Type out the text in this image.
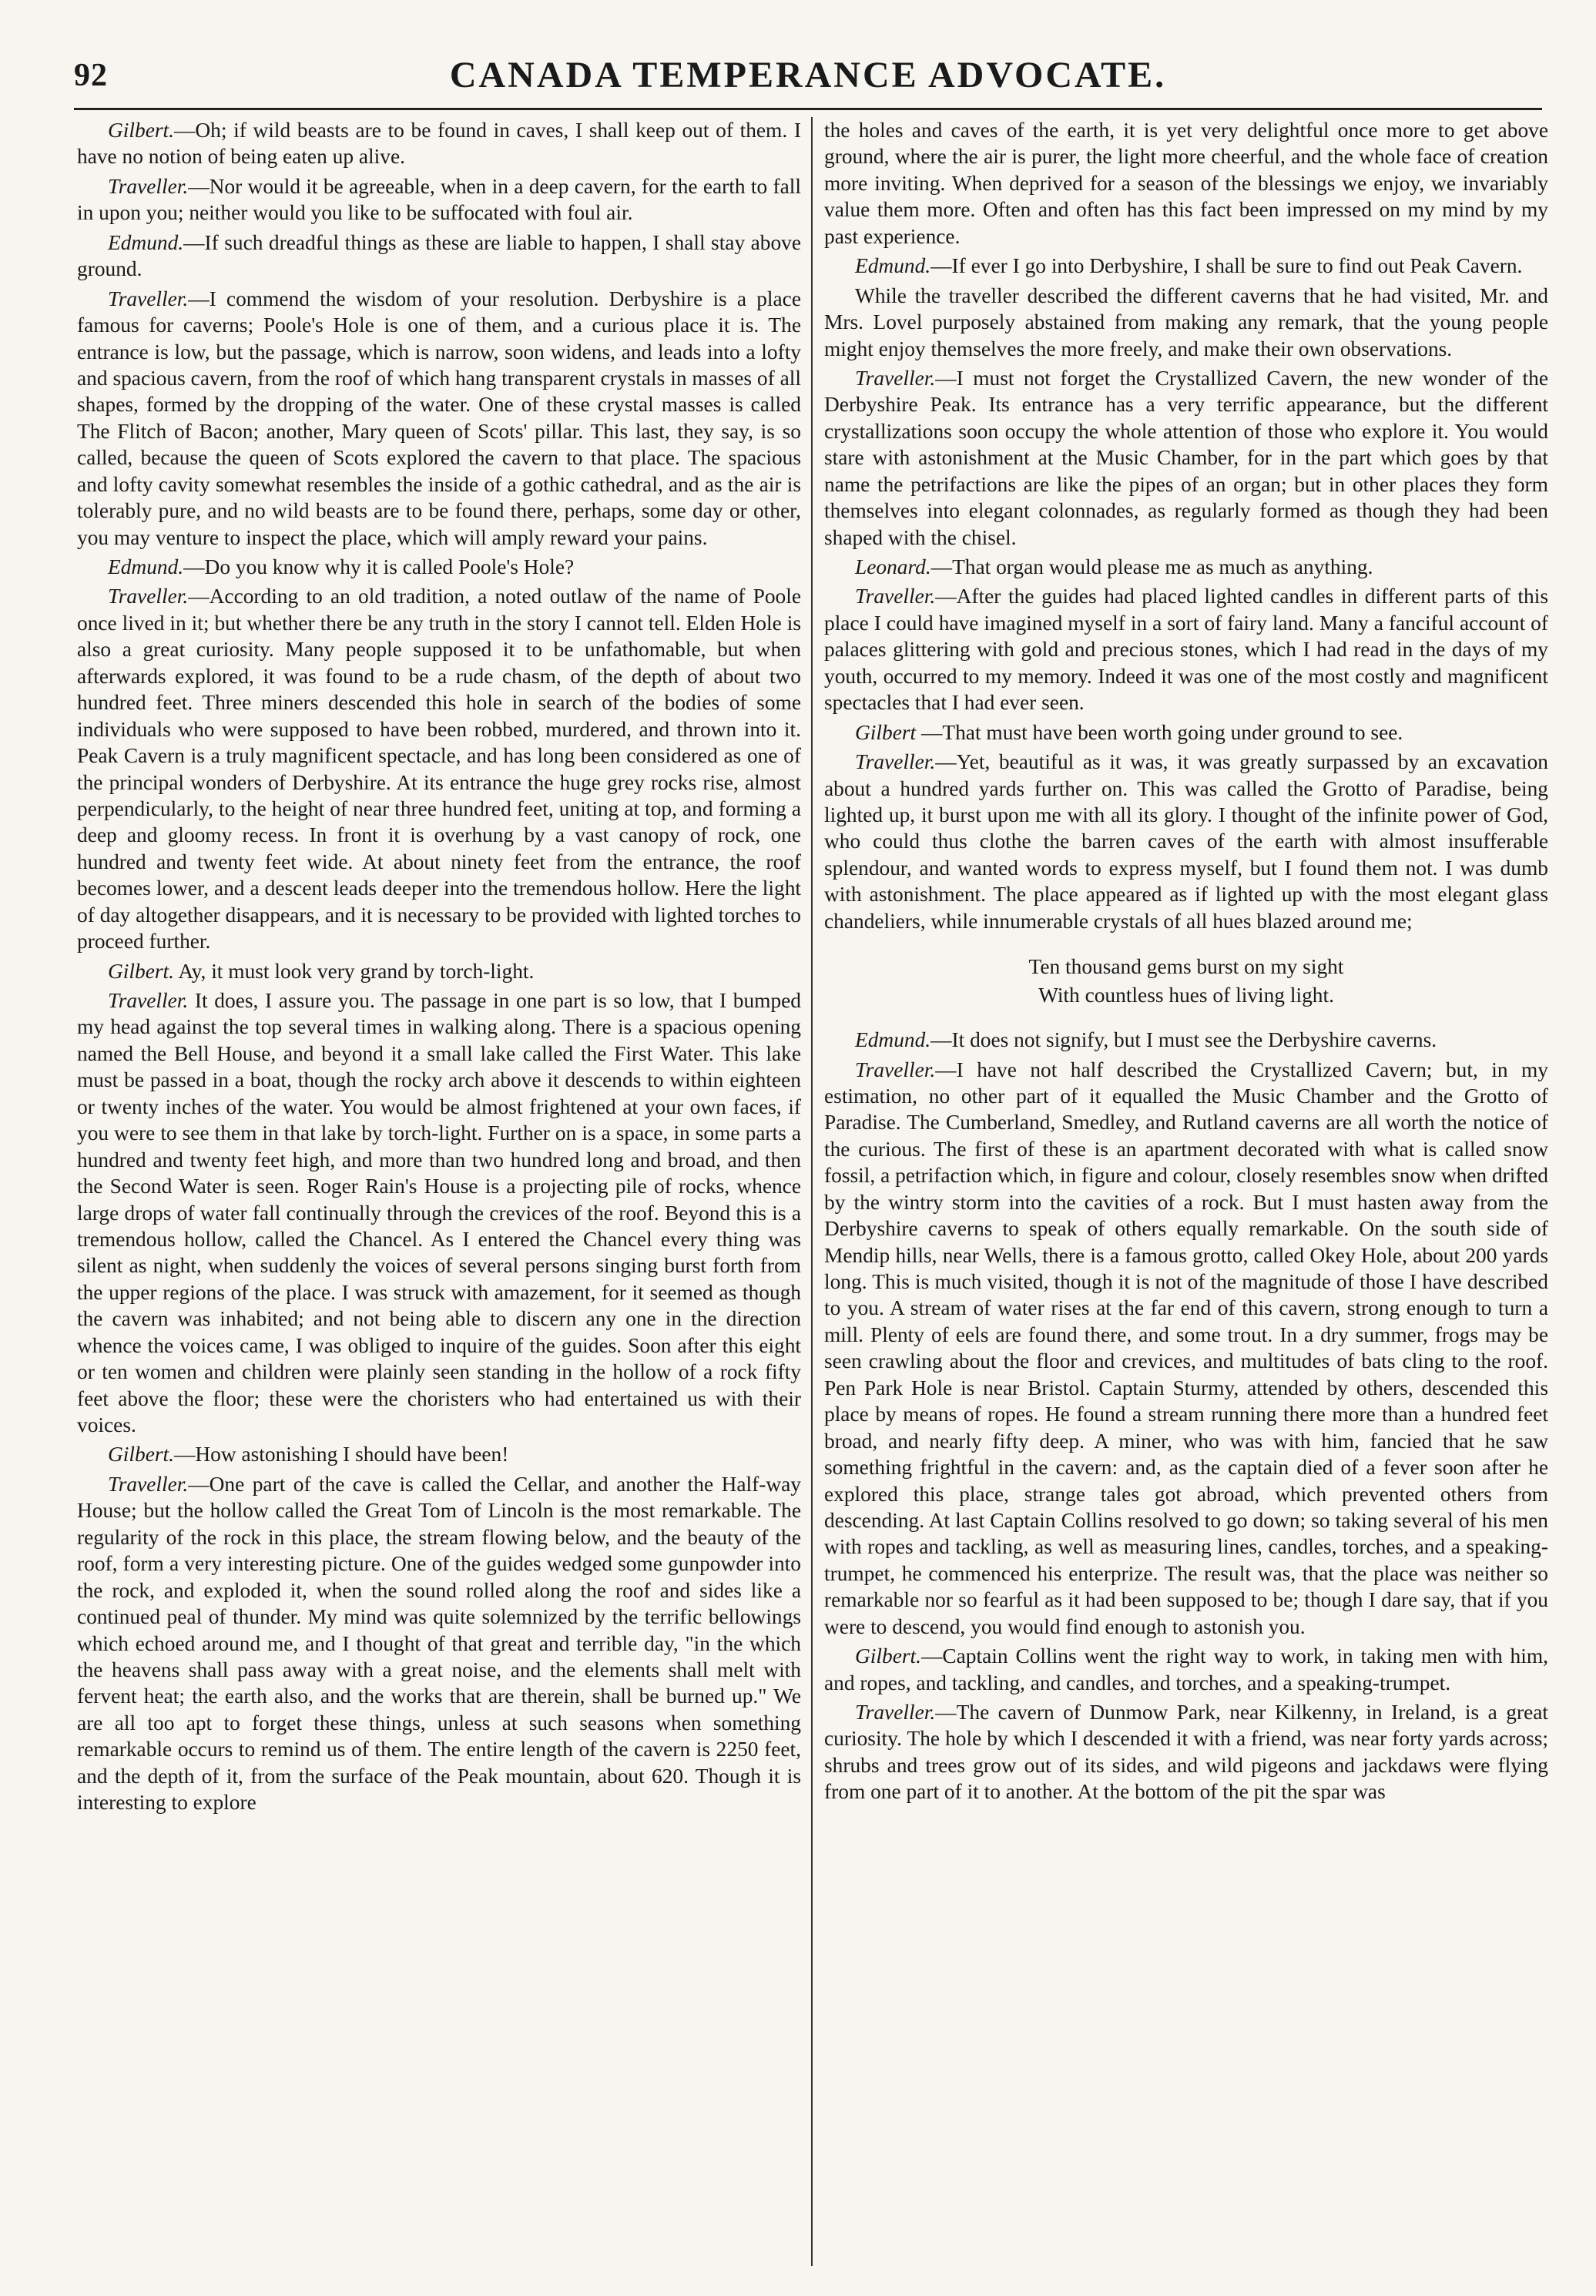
92	CANADA TEMPERANCE ADVOCATE.

Gilbert.—Oh; if wild beasts are to be found in caves, I shall keep out of them. I have no notion of being eaten up alive.

Traveller.—Nor would it be agreeable, when in a deep cavern, for the earth to fall in upon you; neither would you like to be suffocated with foul air.

Edmund.—If such dreadful things as these are liable to happen, I shall stay above ground.

Traveller.—I commend the wisdom of your resolution. Derbyshire is a place famous for caverns; Poole's Hole is one of them, and a curious place it is. The entrance is low, but the passage, which is narrow, soon widens, and leads into a lofty and spacious cavern, from the roof of which hang transparent crystals in masses of all shapes, formed by the dropping of the water. One of these crystal masses is called The Flitch of Bacon; another, Mary queen of Scots' pillar. This last, they say, is so called, because the queen of Scots explored the cavern to that place. The spacious and lofty cavity somewhat resembles the inside of a gothic cathedral, and as the air is tolerably pure, and no wild beasts are to be found there, perhaps, some day or other, you may venture to inspect the place, which will amply reward your pains.

Edmund.—Do you know why it is called Poole's Hole?

Traveller.—According to an old tradition, a noted outlaw of the name of Poole once lived in it; but whether there be any truth in the story I cannot tell. Elden Hole is also a great curiosity. Many people supposed it to be unfathomable, but when afterwards explored, it was found to be a rude chasm, of the depth of about two hundred feet. Three miners descended this hole in search of the bodies of some individuals who were supposed to have been robbed, murdered, and thrown into it. Peak Cavern is a truly magnificent spectacle, and has long been considered as one of the principal wonders of Derbyshire. At its entrance the huge grey rocks rise, almost perpendicularly, to the height of near three hundred feet, uniting at top, and forming a deep and gloomy recess. In front it is overhung by a vast canopy of rock, one hundred and twenty feet wide. At about ninety feet from the entrance, the roof becomes lower, and a descent leads deeper into the tremendous hollow. Here the light of day altogether disappears, and it is necessary to be provided with lighted torches to proceed further.

Gilbert. Ay, it must look very grand by torch-light.

Traveller. It does, I assure you. The passage in one part is so low, that I bumped my head against the top several times in walking along. There is a spacious opening named the Bell House, and beyond it a small lake called the First Water. This lake must be passed in a boat, though the rocky arch above it descends to within eighteen or twenty inches of the water. You would be almost frightened at your own faces, if you were to see them in that lake by torch-light. Further on is a space, in some parts a hundred and twenty feet high, and more than two hundred long and broad, and then the Second Water is seen. Roger Rain's House is a projecting pile of rocks, whence large drops of water fall continually through the crevices of the roof. Beyond this is a tremendous hollow, called the Chancel. As I entered the Chancel every thing was silent as night, when suddenly the voices of several persons singing burst forth from the upper regions of the place. I was struck with amazement, for it seemed as though the cavern was inhabited; and not being able to discern any one in the direction whence the voices came, I was obliged to inquire of the guides. Soon after this eight or ten women and children were plainly seen standing in the hollow of a rock fifty feet above the floor; these were the choristers who had entertained us with their voices.

Gilbert.—How astonishing I should have been!

Traveller.—One part of the cave is called the Cellar, and another the Half-way House; but the hollow called the Great Tom of Lincoln is the most remarkable. The regularity of the rock in this place, the stream flowing below, and the beauty of the roof, form a very interesting picture. One of the guides wedged some gunpowder into the rock, and exploded it, when the sound rolled along the roof and sides like a continued peal of thunder. My mind was quite solemnized by the terrific bellowings which echoed around me, and I thought of that great and terrible day, "in the which the heavens shall pass away with a great noise, and the elements shall melt with fervent heat; the earth also, and the works that are therein, shall be burned up." We are all too apt to forget these things, unless at such seasons when something remarkable occurs to remind us of them. The entire length of the cavern is 2250 feet, and the depth of it, from the surface of the Peak mountain, about 620. Though it is interesting to explore

the holes and caves of the earth, it is yet very delightful once more to get above ground, where the air is purer, the light more cheerful, and the whole face of creation more inviting. When deprived for a season of the blessings we enjoy, we invariably value them more. Often and often has this fact been impressed on my mind by my past experience.

Edmund.—If ever I go into Derbyshire, I shall be sure to find out Peak Cavern.

While the traveller described the different caverns that he had visited, Mr. and Mrs. Lovel purposely abstained from making any remark, that the young people might enjoy themselves the more freely, and make their own observations.

Traveller.—I must not forget the Crystallized Cavern, the new wonder of the Derbyshire Peak. Its entrance has a very terrific appearance, but the different crystallizations soon occupy the whole attention of those who explore it. You would stare with astonishment at the Music Chamber, for in the part which goes by that name the petrifactions are like the pipes of an organ; but in other places they form themselves into elegant colonnades, as regularly formed as though they had been shaped with the chisel.

Leonard.—That organ would please me as much as anything.

Traveller.—After the guides had placed lighted candles in different parts of this place I could have imagined myself in a sort of fairy land. Many a fanciful account of palaces glittering with gold and precious stones, which I had read in the days of my youth, occurred to my memory. Indeed it was one of the most costly and magnificent spectacles that I had ever seen.

Gilbert —That must have been worth going under ground to see.

Traveller.—Yet, beautiful as it was, it was greatly surpassed by an excavation about a hundred yards further on. This was called the Grotto of Paradise, being lighted up, it burst upon me with all its glory. I thought of the infinite power of God, who could thus clothe the barren caves of the earth with almost insufferable splendour, and wanted words to express myself, but I found them not. I was dumb with astonishment. The place appeared as if lighted up with the most elegant glass chandeliers, while innumerable crystals of all hues blazed around me;

Ten thousand gems burst on my sight
With countless hues of living light.

Edmund.—It does not signify, but I must see the Derbyshire caverns.

Traveller.—I have not half described the Crystallized Cavern; but, in my estimation, no other part of it equalled the Music Chamber and the Grotto of Paradise. The Cumberland, Smedley, and Rutland caverns are all worth the notice of the curious. The first of these is an apartment decorated with what is called snow fossil, a petrifaction which, in figure and colour, closely resembles snow when drifted by the wintry storm into the cavities of a rock. But I must hasten away from the Derbyshire caverns to speak of others equally remarkable. On the south side of Mendip hills, near Wells, there is a famous grotto, called Okey Hole, about 200 yards long. This is much visited, though it is not of the magnitude of those I have described to you. A stream of water rises at the far end of this cavern, strong enough to turn a mill. Plenty of eels are found there, and some trout. In a dry summer, frogs may be seen crawling about the floor and crevices, and multitudes of bats cling to the roof. Pen Park Hole is near Bristol. Captain Sturmy, attended by others, descended this place by means of ropes. He found a stream running there more than a hundred feet broad, and nearly fifty deep. A miner, who was with him, fancied that he saw something frightful in the cavern: and, as the captain died of a fever soon after he explored this place, strange tales got abroad, which prevented others from descending. At last Captain Collins resolved to go down; so taking several of his men with ropes and tackling, as well as measuring lines, candles, torches, and a speaking-trumpet, he commenced his enterprize. The result was, that the place was neither so remarkable nor so fearful as it had been supposed to be; though I dare say, that if you were to descend, you would find enough to astonish you.

Gilbert.—Captain Collins went the right way to work, in taking men with him, and ropes, and tackling, and candles, and torches, and a speaking-trumpet.

Traveller.—The cavern of Dunmow Park, near Kilkenny, in Ireland, is a great curiosity. The hole by which I descended it with a friend, was near forty yards across; shrubs and trees grow out of its sides, and wild pigeons and jackdaws were flying from one part of it to another. At the bottom of the pit the spar was
